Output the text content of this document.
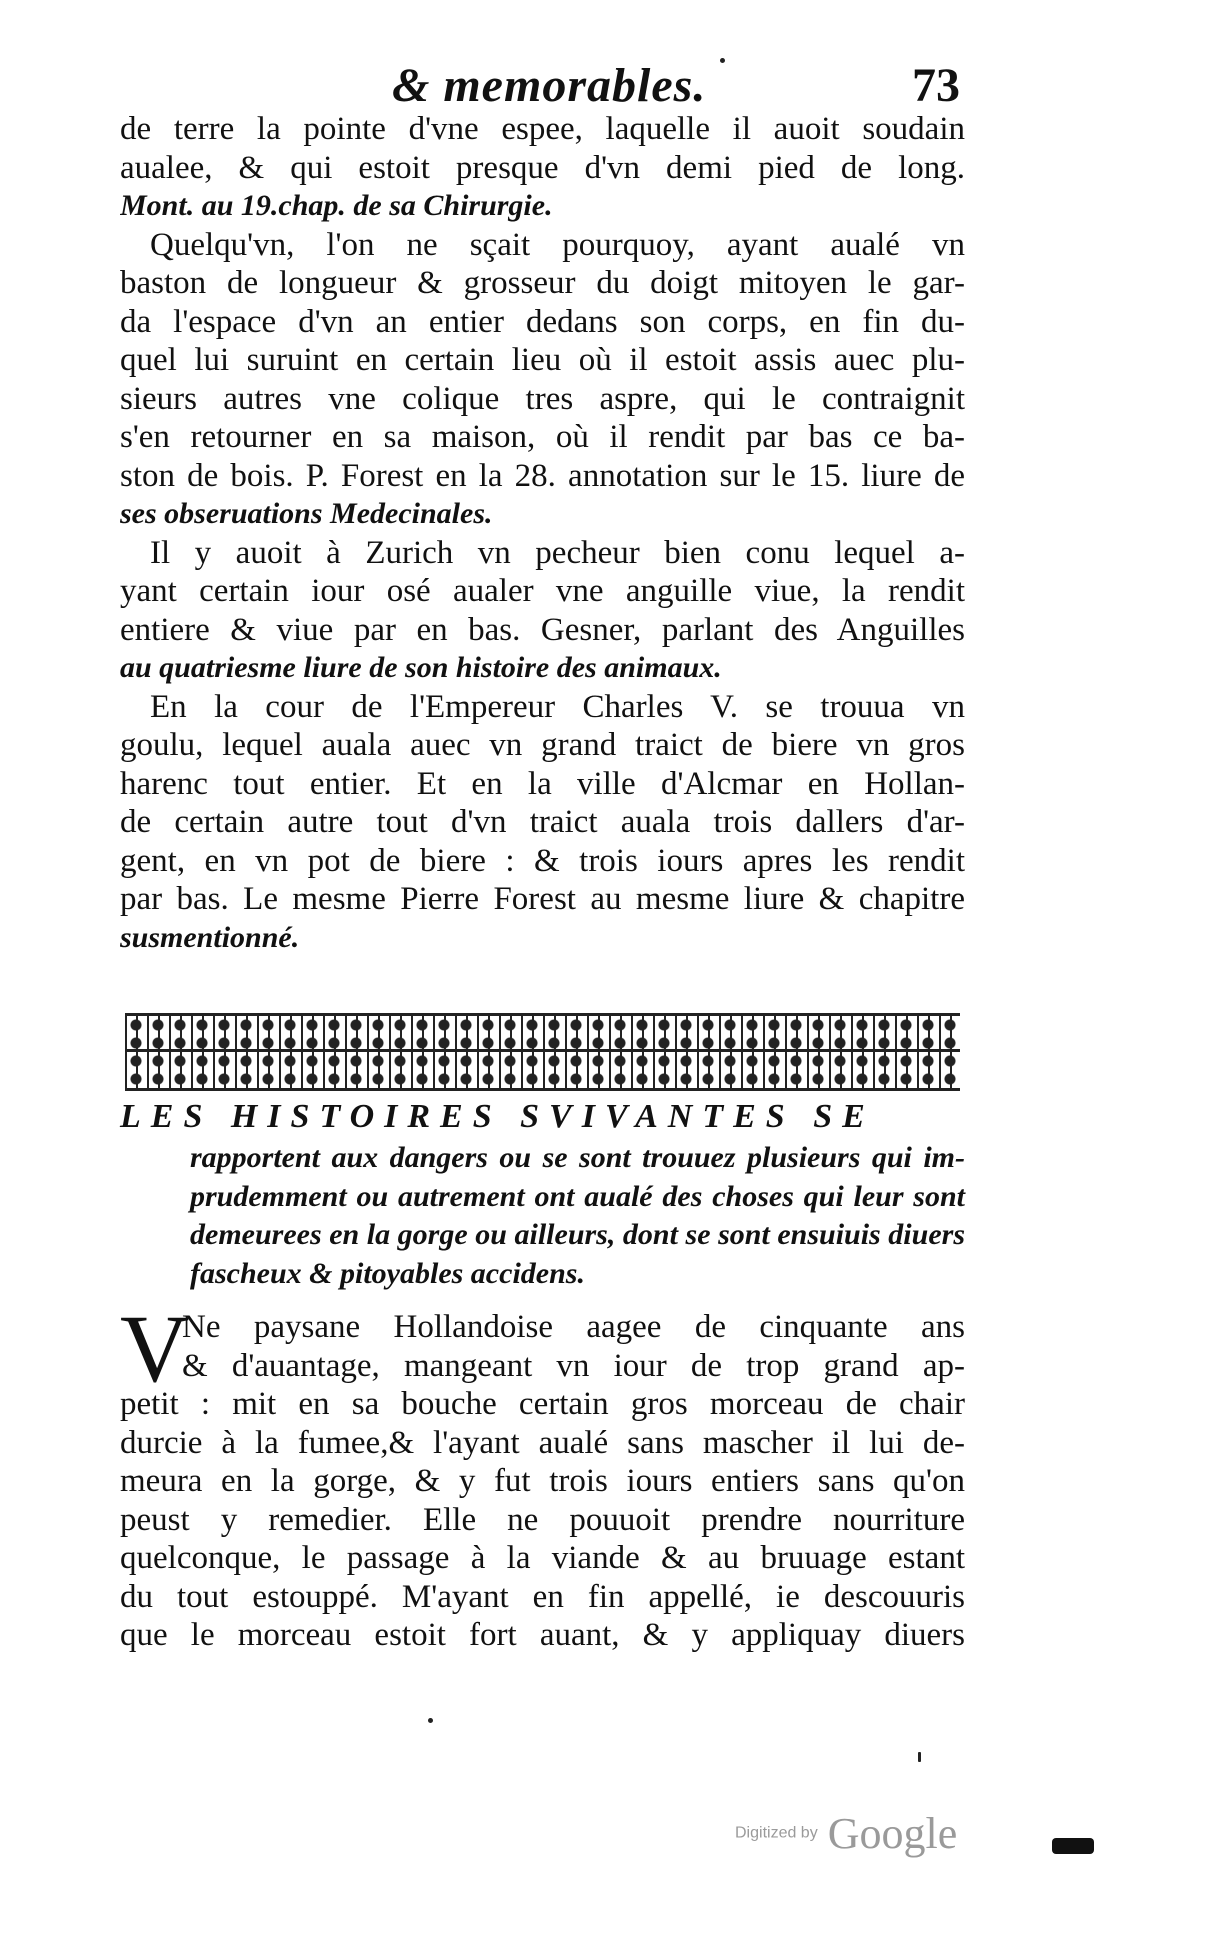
& memorables.	73
de terre la pointe d'vne espee, laquelle il auoit soudain
aualee, & qui estoit presque d'vn demi pied de long.
Mont. au 19.chap. de sa Chirurgie.
Quelqu'vn, l'on ne sçait pourquoy, ayant aualé vn
baston de longueur & grosseur du doigt mitoyen le gar-
da l'espace d'vn an entier dedans son corps, en fin du-
quel lui suruint en certain lieu où il estoit assis auec plu-
sieurs autres vne colique tres aspre, qui le contraignit
s'en retourner en sa maison, où il rendit par bas ce ba-
ston de bois. P. Forest en la 28. annotation sur le 15. liure de
ses obseruations Medecinales.
Il y auoit à Zurich vn pecheur bien conu lequel a-
yant certain iour osé aualer vne anguille viue, la rendit
entiere & viue par en bas. Gesner, parlant des Anguilles
au quatriesme liure de son histoire des animaux.
En la cour de l'Empereur Charles V. se trouua vn
goulu, lequel auala auec vn grand traict de biere vn gros
harenc tout entier. Et en la ville d'Alcmar en Hollan-
de certain autre tout d'vn traict auala trois dallers d'ar-
gent, en vn pot de biere : & trois iours apres les rendit
par bas. Le mesme Pierre Forest au mesme liure & chapitre
susmentionné.
LES HISTOIRES SVIVANTES SE
rapportent aux dangers ou se sont trouuez plusieurs qui im-
prudemment ou autrement ont aualé des choses qui leur sont
demeurees en la gorge ou ailleurs, dont se sont ensuiuis diuers
fascheux & pitoyables accidens.
V
Ne paysane Hollandoise aagee de cinquante ans
& d'auantage, mangeant vn iour de trop grand ap-
petit : mit en sa bouche certain gros morceau de chair
durcie à la fumee,& l'ayant aualé sans mascher il lui de-
meura en la gorge, & y fut trois iours entiers sans qu'on
peust y remedier. Elle ne pouuoit prendre nourriture
quelconque, le passage à la viande & au bruuage estant
du tout estouppé. M'ayant en fin appellé, ie descouuris
que le morceau estoit fort auant, & y appliquay diuers
Digitized by Google
